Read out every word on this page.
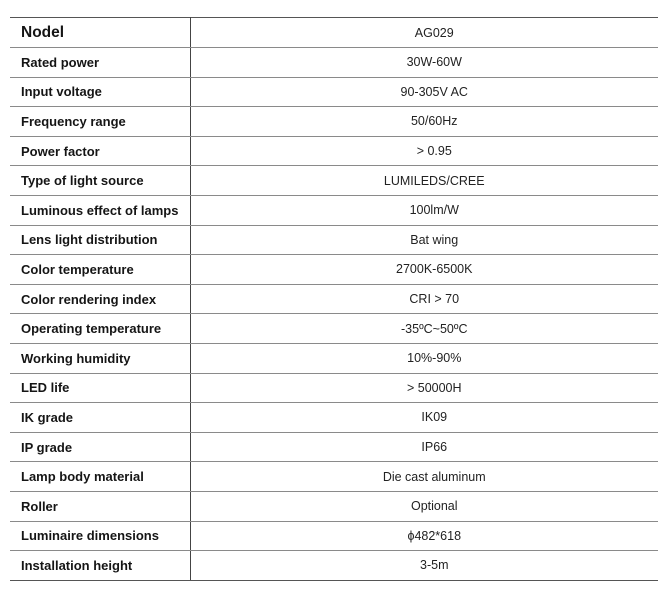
Nodel	AG029
Rated power	30W-60W
Input voltage	90-305V AC
Frequency range	50/60Hz
Power factor	> 0.95
Type of light source	LUMILEDS/CREE
Luminous effect of lamps	100lm/W
Lens light distribution	Bat wing
Color temperature	2700K-6500K
Color rendering index	CRI > 70
Operating temperature	-35ºC~50ºC
Working humidity	10%-90%
LED life	> 50000H
IK grade	IK09
IP grade	IP66
Lamp body material	Die cast aluminum
Roller	Optional
Luminaire dimensions	ϕ482*618
Installation height	3-5m
